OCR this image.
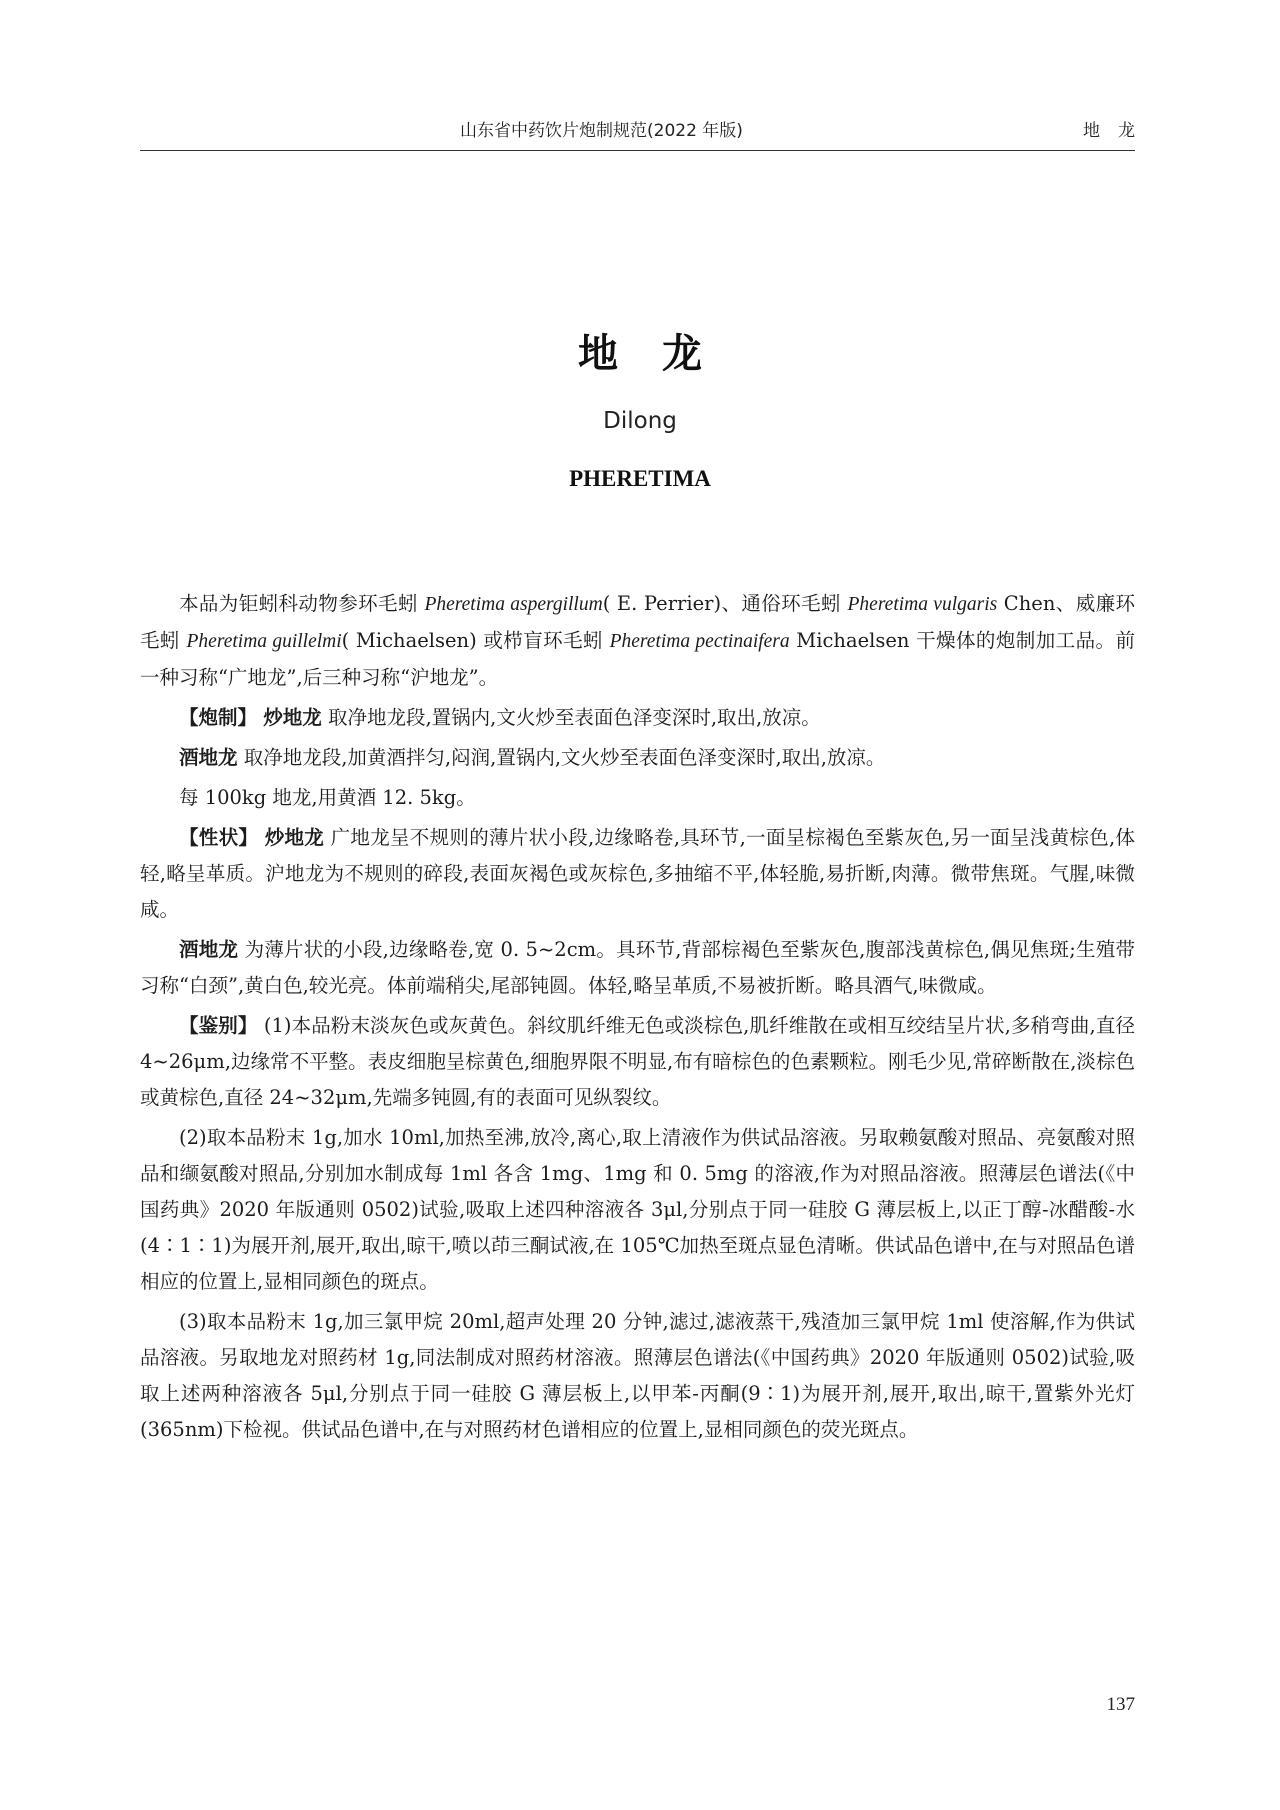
山东省中药饮片炮制规范(2022 年版)	地龙
地龙
Dilong
PHERETIMA

本品为钜蚓科动物参环毛蚓 Pheretima aspergillum( E. Perrier)、通俗环毛蚓 Pheretima vulgaris Chen、威廉环毛蚓 Pheretima guillelmi( Michaelsen) 或栉盲环毛蚓 Pheretima pectinaifera Michaelsen 干燥体的炮制加工品。前一种习称“广地龙”,后三种习称“沪地龙”。

【炮制】 炒地龙 取净地龙段,置锅内,文火炒至表面色泽变深时,取出,放凉。

酒地龙 取净地龙段,加黄酒拌匀,闷润,置锅内,文火炒至表面色泽变深时,取出,放凉。

每 100kg 地龙,用黄酒 12. 5kg。

【性状】 炒地龙 广地龙呈不规则的薄片状小段,边缘略卷,具环节,一面呈棕褐色至紫灰色,另一面呈浅黄棕色,体轻,略呈革质。沪地龙为不规则的碎段,表面灰褐色或灰棕色,多抽缩不平,体轻脆,易折断,肉薄。微带焦斑。气腥,味微咸。

酒地龙 为薄片状的小段,边缘略卷,宽 0. 5~2cm。具环节,背部棕褐色至紫灰色,腹部浅黄棕色,偶见焦斑;生殖带习称“白颈”,黄白色,较光亮。体前端稍尖,尾部钝圆。体轻,略呈革质,不易被折断。略具酒气,味微咸。

【鉴别】 (1)本品粉末淡灰色或灰黄色。斜纹肌纤维无色或淡棕色,肌纤维散在或相互绞结呈片状,多稍弯曲,直径 4~26μm,边缘常不平整。表皮细胞呈棕黄色,细胞界限不明显,布有暗棕色的色素颗粒。刚毛少见,常碎断散在,淡棕色或黄棕色,直径 24~32μm,先端多钝圆,有的表面可见纵裂纹。

(2)取本品粉末 1g,加水 10ml,加热至沸,放冷,离心,取上清液作为供试品溶液。另取赖氨酸对照品、亮氨酸对照品和缬氨酸对照品,分别加水制成每 1ml 各含 1mg、1mg 和 0. 5mg 的溶液,作为对照品溶液。照薄层色谱法(《中国药典》2020 年版通则 0502)试验,吸取上述四种溶液各 3μl,分别点于同一硅胶 G 薄层板上,以正丁醇-冰醋酸-水(4∶1∶1)为展开剂,展开,取出,晾干,喷以茚三酮试液,在 105℃加热至斑点显色清晰。供试品色谱中,在与对照品色谱相应的位置上,显相同颜色的斑点。

(3)取本品粉末 1g,加三氯甲烷 20ml,超声处理 20 分钟,滤过,滤液蒸干,残渣加三氯甲烷 1ml 使溶解,作为供试品溶液。另取地龙对照药材 1g,同法制成对照药材溶液。照薄层色谱法(《中国药典》2020 年版通则 0502)试验,吸取上述两种溶液各 5μl,分别点于同一硅胶 G 薄层板上,以甲苯-丙酮(9∶1)为展开剂,展开,取出,晾干,置紫外光灯(365nm)下检视。供试品色谱中,在与对照药材色谱相应的位置上,显相同颜色的荧光斑点。

137
